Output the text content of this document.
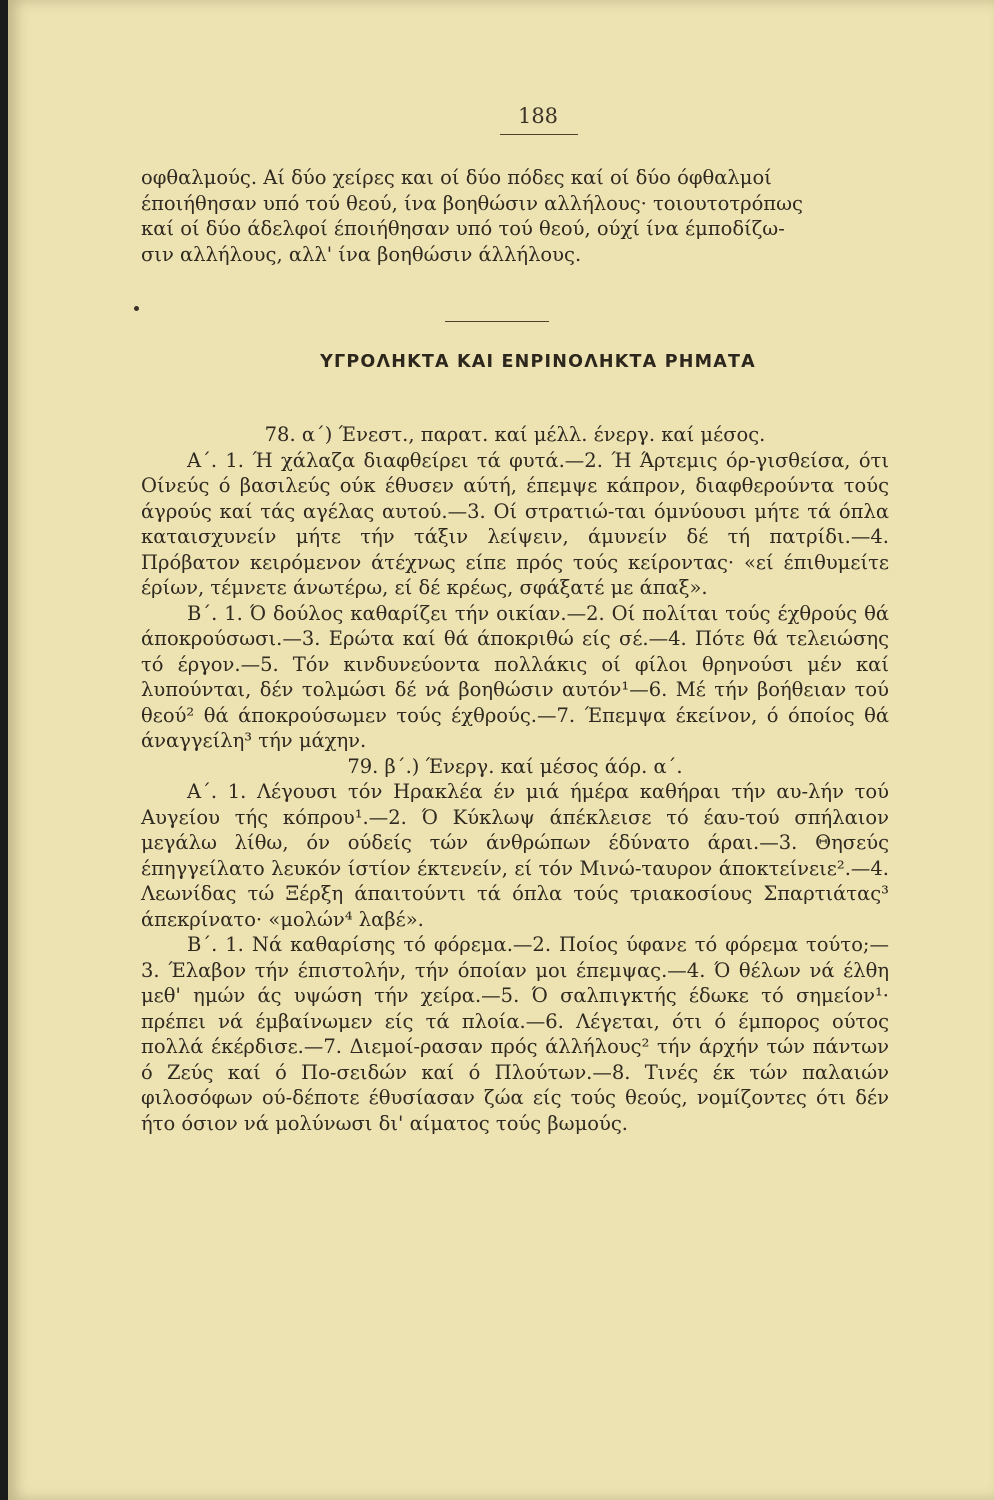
188

οφθαλμούς. Αί δύο χείρες και οί δύο πόδες καί οί δύο όφθαλμοί

έποιήθησαν υπό τού θεού, ίνα βοηθώσιν αλλήλους· τοιουτοτρόπως

καί οί δύο άδελφοί έποιήθησαν υπό τού θεού, ούχί ίνα έμποδίζω-

σιν αλλήλους, αλλ' ίνα βοηθώσιν άλλήλους.

ΥΓΡΟΛΗΚΤΑ ΚΑΙ ΕΝΡΙΝΟΛΗΚΤΑ ΡΗΜΑΤΑ

78. α΄) Ένεστ., παρατ. καί μέλλ. ένεργ. καί μέσος.

Α΄. 1. Ή χάλαζα διαφθείρει τά φυτά.—2. Ή Άρτεμις όρ-γισθείσα, ότι Οίνεύς ό βασιλεύς ούκ έθυσεν αύτή, έπεμψε κάπρον, διαφθερούντα τούς άγρούς καί τάς αγέλας αυτού.—3. Οί στρατιώ-ται όμνύουσι μήτε τά όπλα καταισχυνείν μήτε τήν τάξιν λείψειν, άμυνείν δέ τή πατρίδι.—4. Πρόβατον κειρόμενον άτέχνως είπε πρός τούς κείροντας· «εί έπιθυμείτε έρίων, τέμνετε άνωτέρω, εί δέ κρέως, σφάξατέ με άπαξ».

Β΄. 1. Ό δούλος καθαρίζει τήν οικίαν.—2. Οί πολίται τούς έχθρούς θά άποκρούσωσι.—3. Ερώτα καί θά άποκριθώ είς σέ.—4. Πότε θά τελειώσης τό έργον.—5. Τόν κινδυνεύοντα πολλάκις οί φίλοι θρηνούσι μέν καί λυπούνται, δέν τολμώσι δέ νά βοηθώσιν αυτόν¹—6. Μέ τήν βοήθειαν τού θεού² θά άποκρούσωμεν τούς έχθρούς.—7. Έπεμψα έκείνον, ό όποίος θά άναγγείλη³ τήν μάχην.

79. β΄.) Ένεργ. καί μέσος άόρ. α΄.

Α΄. 1. Λέγουσι τόν Ηρακλέα έν μιά ήμέρα καθήραι τήν αυ-λήν τού Αυγείου τής κόπρου¹.—2. Ό Κύκλωψ άπέκλεισε τό έαυ-τού σπήλαιον μεγάλω λίθω, όν ούδείς τών άνθρώπων έδύνατο άραι.—3. Θησεύς έπηγγείλατο λευκόν ίστίον έκτενείν, εί τόν Μινώ-ταυρον άποκτείνειε².—4. Λεωνίδας τώ Ξέρξη άπαιτούντι τά όπλα τούς τριακοσίους Σπαρτιάτας³ άπεκρίνατο· «μολών⁴ λαβέ».

Β΄. 1. Νά καθαρίσης τό φόρεμα.—2. Ποίος ύφανε τό φόρεμα τούτο;—3. Έλαβον τήν έπιστολήν, τήν όποίαν μοι έπεμψας.—4. Ό θέλων νά έλθη μεθ' ημών άς υψώση τήν χείρα.—5. Ό σαλπιγκτής έδωκε τό σημείον¹· πρέπει νά έμβαίνωμεν είς τά πλοία.—6. Λέγεται, ότι ό έμπορος ούτος πολλά έκέρδισε.—7. Διεμοί-ρασαν πρός άλλήλους² τήν άρχήν τών πάντων ό Ζεύς καί ό Πο-σειδών καί ό Πλούτων.—8. Τινές έκ τών παλαιών φιλοσόφων ού-δέποτε έθυσίασαν ζώα είς τούς θεούς, νομίζοντες ότι δέν ήτο όσιον νά μολύνωσι δι' αίματος τούς βωμούς.
